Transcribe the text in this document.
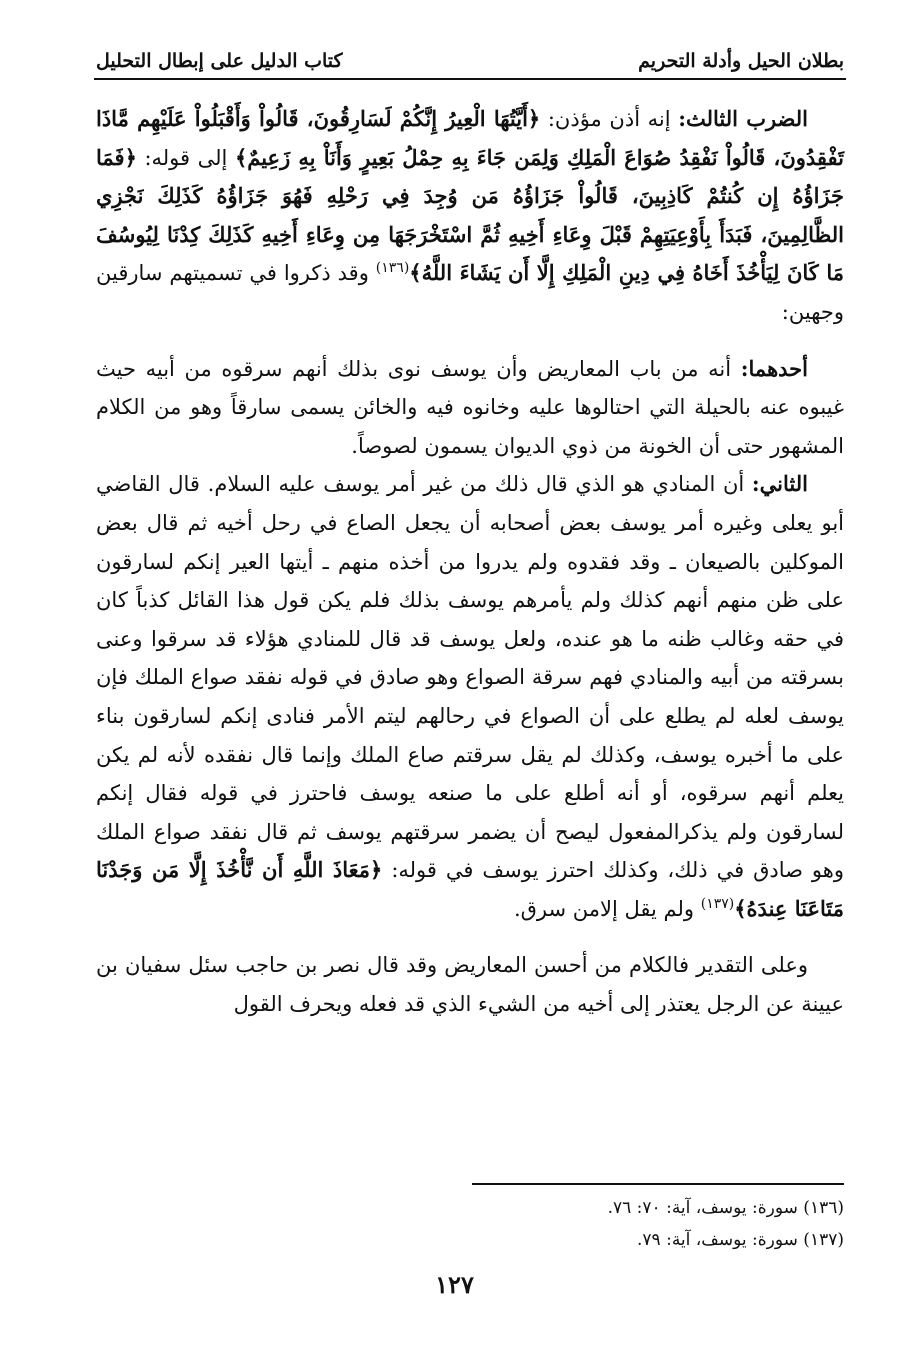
بطلان الحيل وأدلة التحريم
كتاب الدليل على إبطال التحليل

الضرب الثالث: إنه أذن مؤذن: ﴿أَيَّتُهَا الْعِيرُ إِنَّكُمْ لَسَارِقُونَ، قَالُواْ وَأَقْبَلُواْ عَلَيْهِم مَّاذَا تَفْقِدُونَ، قَالُواْ نَفْقِدُ صُوَاعَ الْمَلِكِ وَلِمَن جَاءَ بِهِ حِمْلُ بَعِيرٍ وَأَنَاْ بِهِ زَعِيمٌ﴾ إلى قوله: ﴿فَمَا جَزَاؤُهُ إِن كُنتُمْ كَاذِبِينَ، قَالُواْ جَزَاؤُهُ مَن وُجِدَ فِي رَحْلِهِ فَهُوَ جَزَاؤُهُ كَذَلِكَ نَجْزِي الظَّالِمِينَ، فَبَدَأَ بِأَوْعِيَتِهِمْ قَبْلَ وِعَاءِ أَخِيهِ ثُمَّ اسْتَخْرَجَهَا مِن وِعَاءِ أَخِيهِ كَذَلِكَ كِدْنَا لِيُوسُفَ مَا كَانَ لِيَأْخُذَ أَخَاهُ فِي دِينِ الْمَلِكِ إِلَّا أَن يَشَاءَ اللَّهُ﴾$^{(١٣٦)}$ وقد ذكروا في تسميتهم سارقين وجهين:

أحدهما: أنه من باب المعاريض وأن يوسف نوى بذلك أنهم سرقوه من أبيه حيث غيبوه عنه بالحيلة التي احتالوها عليه وخانوه فيه والخائن يسمى سارقاً وهو من الكلام المشهور حتى أن الخونة من ذوي الديوان يسمون لصوصاً.

الثاني: أن المنادي هو الذي قال ذلك من غير أمر يوسف عليه السلام. قال القاضي أبو يعلى وغيره أمر يوسف بعض أصحابه أن يجعل الصاع في رحل أخيه ثم قال بعض الموكلين بالصيعان ـ وقد فقدوه ولم يدروا من أخذه منهم ـ أيتها العير إنكم لسارقون على ظن منهم أنهم كذلك ولم يأمرهم يوسف بذلك فلم يكن قول هذا القائل كذباً كان في حقه وغالب ظنه ما هو عنده، ولعل يوسف قد قال للمنادي هؤلاء قد سرقوا وعنى بسرقته من أبيه والمنادي فهم سرقة الصواع وهو صادق في قوله نفقد صواع الملك فإن يوسف لعله لم يطلع على أن الصواع في رحالهم ليتم الأمر فنادى إنكم لسارقون بناء على ما أخبره يوسف، وكذلك لم يقل سرقتم صاع الملك وإنما قال نفقده لأنه لم يكن يعلم أنهم سرقوه، أو أنه أطلع على ما صنعه يوسف فاحترز في قوله فقال إنكم لسارقون ولم يذكرالمفعول ليصح أن يضمر سرقتهم يوسف ثم قال نفقد صواع الملك وهو صادق في ذلك، وكذلك احترز يوسف في قوله: ﴿مَعَاذَ اللَّهِ أَن نَّأْخُذَ إِلَّا مَن وَجَدْنَا مَتَاعَنَا عِندَهُ﴾$^{(١٣٧)}$ ولم يقل إلامن سرق.

وعلى التقدير فالكلام من أحسن المعاريض وقد قال نصر بن حاجب سئل سفيان بن عيينة عن الرجل يعتذر إلى أخيه من الشيء الذي قد فعله ويحرف القول

(١٣٦) سورة: يوسف، آية: ٧٠: ٧٦.
(١٣٧) سورة: يوسف، آية: ٧٩.
١٢٧
